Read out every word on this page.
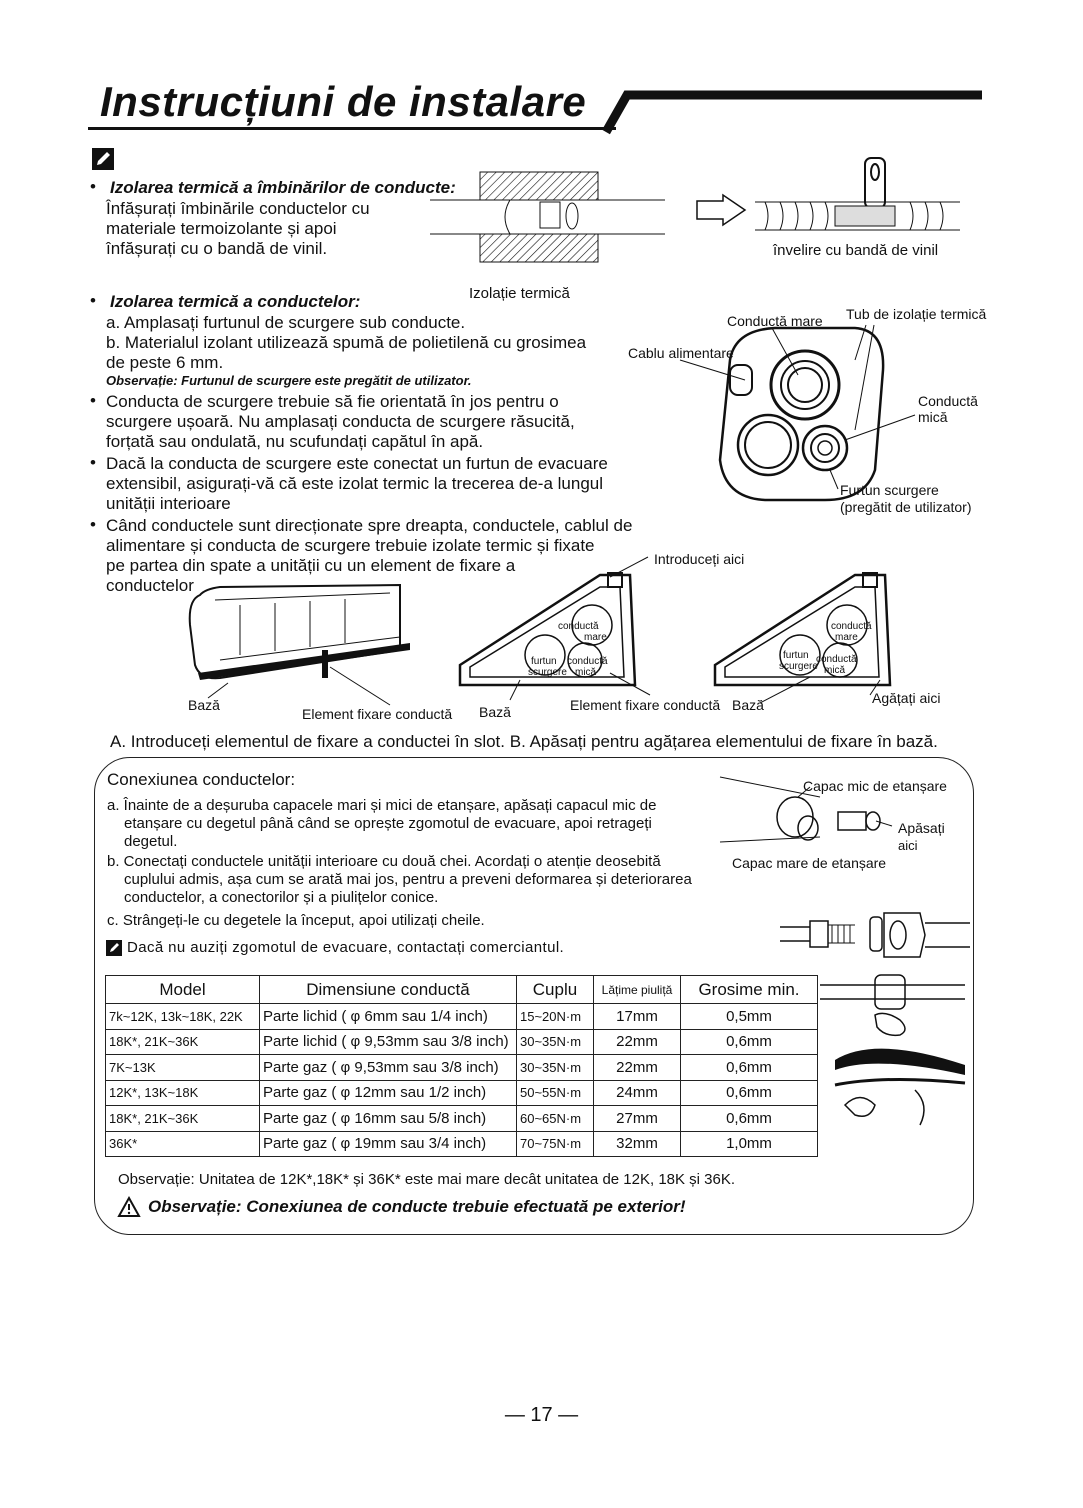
Instrucțiuni de instalare
• Izolarea termică a îmbinărilor de conducte:
Înfășurați îmbinările conductelor cu
materiale termoizolante și apoi
înfășurați cu o bandă de vinil.
Izolație termică
învelire cu bandă de vinil
• Izolarea termică a conductelor:
a. Amplasați furtunul de scurgere sub conducte.
b. Materialul izolant utilizează spumă de polietilenă cu grosimea
de peste 6 mm.
Observație: Furtunul de scurgere este pregătit de utilizator.
• Conducta de scurgere trebuie să fie orientată în jos pentru o
scurgere ușoară. Nu amplasați conducta de scurgere răsucită,
forțată sau ondulată, nu scufundați capătul în apă.
• Dacă la conducta de scurgere este conectat un furtun de evacuare
extensibil, asigurați-vă că este izolat termic la trecerea de-a lungul
unității interioare
• Când conductele sunt direcționate spre dreapta, conductele, cablul de
alimentare și conducta de scurgere trebuie izolate termic și fixate
pe partea din spate a unității cu un element de fixare a
conductelor
Conductă mare Tub de izolație termică
Cablu alimentare
Conductă
mică
Furtun scurgere
(pregătit de utilizator)
Introduceți aici
conductă
mare
furtun
scurgere
conductă
mică
conductă
mare
furtun
scurgere
conductă
mică
Bază
Element fixare conductă Bază	Element fixare conductă Bază	Agățați aici
A. Introduceți elementul de fixare a conductei în slot. B. Apăsați pentru agățarea elementului de fixare în bază.
Conexiunea conductelor:
a. Înainte de a deșuruba capacele mari și mici de etanșare, apăsați capacul mic de
etanșare cu degetul până când se oprește zgomotul de evacuare, apoi retrageți
degetul.
b. Conectați conductele unității interioare cu două chei. Acordați o atenție deosebită
cuplului admis, așa cum se arată mai jos, pentru a preveni deformarea și deteriorarea
conductelor, a conectorilor și a piulițelor conice.
c. Strângeți-le cu degetele la început, apoi utilizați cheile.
Dacă nu auziți zgomotul de evacuare, contactați comerciantul.
Capac mic de etanșare
Apăsați
aici
Capac mare de etanșare
Model	Dimensiune conductă	Cuplu	Lățime piuliță	Grosime min.
7k~12K, 13k~18K, 22K	Parte lichid ( φ 6mm sau 1/4 inch)	15~20N·m	17mm	0,5mm
18K*, 21K~36K	Parte lichid ( φ 9,53mm sau 3/8 inch)	30~35N·m	22mm	0,6mm
7K~13K	Parte gaz ( φ 9,53mm sau 3/8 inch)	30~35N·m	22mm	0,6mm
12K*, 13K~18K	Parte gaz ( φ 12mm sau 1/2 inch)	50~55N·m	24mm	0,6mm
18K*, 21K~36K	Parte gaz ( φ 16mm sau 5/8 inch)	60~65N·m	27mm	0,6mm
36K*	Parte gaz ( φ 19mm sau 3/4 inch)	70~75N·m	32mm	1,0mm
Observație: Unitatea de 12K*,18K* și 36K* este mai mare decât unitatea de 12K, 18K și 36K.
Observație: Conexiunea de conducte trebuie efectuată pe exterior!
— 17 —
